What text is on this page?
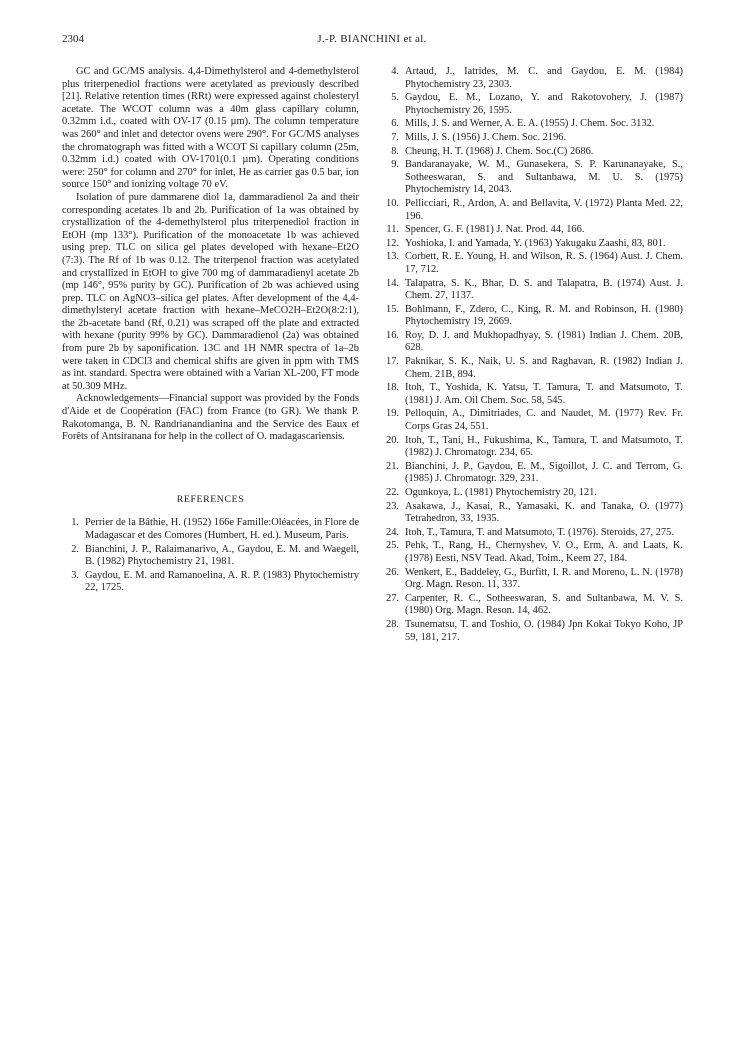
2304	J.-P. BIANCHINI et al.

GC and GC/MS analysis. 4,4-Dimethylsterol and 4-demethylsterol plus triterpenediol fractions were acetylated as previously described [21]. Relative retention times (RRt) were expressed against cholesteryl acetate. The WCOT column was a 40m glass capillary column, 0.32mm i.d., coated with OV-17 (0.15 µm). The column temperature was 260° and inlet and detector ovens were 290°. For GC/MS analyses the chromatograph was fitted with a WCOT Si capillary column (25m, 0.32mm i.d.) coated with OV-1701(0.1 µm). Operating conditions were: 250° for column and 270° for inlet, He as carrier gas 0.5 bar, ion source 150° and ionizing voltage 70 eV.

Isolation of pure dammarene diol 1a, dammaradienol 2a and their corresponding acetates 1b and 2b. Purification of 1a was obtained by crystallization of the 4-demethylsterol plus triterpenediol fraction in EtOH (mp 133°). Purification of the monoacetate 1b was achieved using prep. TLC on silica gel plates developed with hexane–Et2O (7:3). The Rf of 1b was 0.12. The triterpenol fraction was acetylated and crystallized in EtOH to give 700 mg of dammaradienyl acetate 2b (mp 146°, 95% purity by GC). Purification of 2b was achieved using prep. TLC on AgNO3–silica gel plates. After development of the 4,4-dimethylsteryl acetate fraction with hexane–MeCO2H–Et2O(8:2:1), the 2b-acetate band (Rf, 0.21) was scraped off the plate and extracted with hexane (purity 99% by GC). Dammaradienol (2a) was obtained from pure 2b by saponification. 13C and 1H NMR spectra of 1a–2b were taken in CDCl3 and chemical shifts are given in ppm with TMS as int. standard. Spectra were obtained with a Varian XL-200, FT mode at 50.309 MHz.

Acknowledgements—Financial support was provided by the Fonds d'Aide et de Coopération (FAC) from France (to GR). We thank P. Rakotomanga, B. N. Randrianandianina and the Service des Eaux et Forêts of Antsiranana for help in the collect of O. madagascariensis.

REFERENCES
1. Perrier de la Bâthie, H. (1952) 166e Famille:Oléacées, in Flore de Madagascar et des Comores (Humbert, H. ed.). Museum, Paris.
2. Bianchini, J. P., Ralaimanarivo, A., Gaydou, E. M. and Waegell, B. (1982) Phytochemistry 21, 1981.
3. Gaydou, E. M. and Ramanoelina, A. R. P. (1983) Phytochemistry 22, 1725.
4. Artaud, J., Iatrides, M. C. and Gaydou, E. M. (1984) Phytochemistry 23, 2303.
5. Gaydou, E. M., Lozano, Y. and Rakotovohery, J. (1987) Phytochemistry 26, 1595.
6. Mills, J. S. and Werner, A. E. A. (1955) J. Chem. Soc. 3132.
7. Mills, J. S. (1956) J. Chem. Soc. 2196.
8. Cheung, H. T. (1968) J. Chem. Soc.(C) 2686.
9. Bandaranayake, W. M., Gunasekera, S. P. Karunanayake, S., Sotheeswaran, S. and Sultanbawa, M. U. S. (1975) Phytochemistry 14, 2043.
10. Pellicciari, R., Ardon, A. and Bellavita, V. (1972) Planta Med. 22, 196.
11. Spencer, G. F. (1981) J. Nat. Prod. 44, 166.
12. Yoshioka, I. and Yamada, Y. (1963) Yakugaku Zaashi, 83, 801.
13. Corbett, R. E. Young, H. and Wilson, R. S. (1964) Aust. J. Chem. 17, 712.
14. Talapatra, S. K., Bhar, D. S. and Talapatra, B. (1974) Aust. J. Chem. 27, 1137.
15. Bohlmann, F., Zdero, C., King, R. M. and Robinson, H. (1980) Phytochemistry 19, 2669.
16. Roy, D. J. and Mukhopadhyay, S. (1981) Indian J. Chem. 20B, 628.
17. Paknikar, S. K., Naik, U. S. and Raghavan, R. (1982) Indian J. Chem. 21B, 894.
18. Itoh, T., Yoshida, K. Yatsu, T. Tamura, T. and Matsumoto, T. (1981) J. Am. Oil Chem. Soc. 58, 545.
19. Pelloquin, A., Dimitriades, C. and Naudet, M. (1977) Rev. Fr. Corps Gras 24, 551.
20. Itoh, T., Tani, H., Fukushima, K., Tamura, T. and Matsumoto, T. (1982) J. Chromatogr. 234, 65.
21. Bianchini, J. P., Gaydou, E. M., Sigoillot, J. C. and Terrom, G. (1985) J. Chromatogr. 329, 231.
22. Ogunkoya, L. (1981) Phytochemistry 20, 121.
23. Asakawa, J., Kasai, R., Yamasaki, K. and Tanaka, O. (1977) Tetrahedron, 33, 1935.
24. Itoh, T., Tamura, T. and Matsumoto, T. (1976). Steroids, 27, 275.
25. Pehk, T., Rang, H., Chernyshev, V. O., Erm, A. and Laats, K. (1978) Eesti, NSV Tead. Akad, Toim., Keem 27, 184.
26. Wenkert, E., Baddeley, G., Burfitt, I. R. and Moreno, L. N. (1978) Org. Magn. Reson. 11, 337.
27. Carpenter, R. C., Sotheeswaran, S. and Sultanbawa, M. V. S. (1980) Org. Magn. Reson. 14, 462.
28. Tsunematsu, T. and Toshio, O. (1984) Jpn Kokai Tokyo Koho, JP 59, 181, 217.
